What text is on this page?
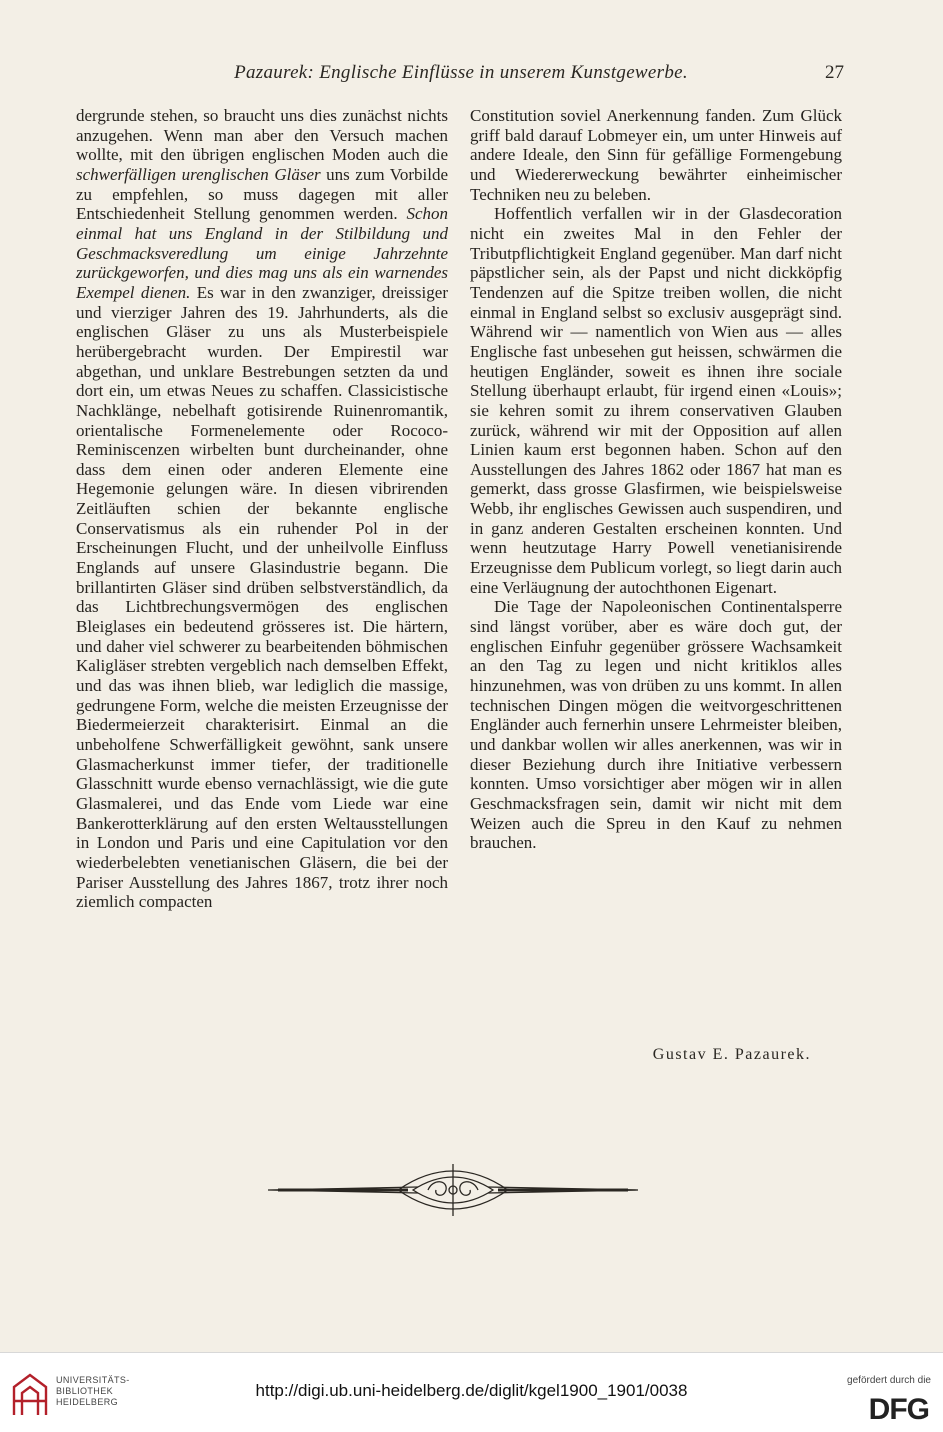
Pazaurek: Englische Einflüsse in unserem Kunstgewerbe.	27

dergrunde stehen, so braucht uns dies zunächst nichts anzugehen. Wenn man aber den Versuch machen wollte, mit den übrigen englischen Moden auch die schwerfälligen urenglischen Gläser uns zum Vorbilde zu empfehlen, so muss dagegen mit aller Entschiedenheit Stellung genommen werden. Schon einmal hat uns England in der Stilbildung und Geschmacksveredlung um einige Jahrzehnte zurückgeworfen, und dies mag uns als ein warnendes Exempel dienen. Es war in den zwanziger, dreissiger und vierziger Jahren des 19. Jahrhunderts, als die englischen Gläser zu uns als Musterbeispiele herübergebracht wurden. Der Empirestil war abgethan, und unklare Bestrebungen setzten da und dort ein, um etwas Neues zu schaffen. Classicistische Nachklänge, nebelhaft gotisirende Ruinenromantik, orientalische Formenelemente oder Rococo-Reminiscenzen wirbelten bunt durcheinander, ohne dass dem einen oder anderen Elemente eine Hegemonie gelungen wäre. In diesen vibrirenden Zeitläuften schien der bekannte englische Conservatismus als ein ruhender Pol in der Erscheinungen Flucht, und der unheilvolle Einfluss Englands auf unsere Glasindustrie begann. Die brillantirten Gläser sind drüben selbstverständlich, da das Lichtbrechungsvermögen des englischen Bleiglases ein bedeutend grösseres ist. Die härtern, und daher viel schwerer zu bearbeitenden böhmischen Kaligläser strebten vergeblich nach demselben Effekt, und das was ihnen blieb, war lediglich die massige, gedrungene Form, welche die meisten Erzeugnisse der Biedermeierzeit charakterisirt. Einmal an die unbeholfene Schwerfälligkeit gewöhnt, sank unsere Glasmacherkunst immer tiefer, der traditionelle Glasschnitt wurde ebenso vernachlässigt, wie die gute Glasmalerei, und das Ende vom Liede war eine Bankerotterklärung auf den ersten Weltausstellungen in London und Paris und eine Capitulation vor den wiederbelebten venetianischen Gläsern, die bei der Pariser Ausstellung des Jahres 1867, trotz ihrer noch ziemlich compacten

Constitution soviel Anerkennung fanden. Zum Glück griff bald darauf Lobmeyer ein, um unter Hinweis auf andere Ideale, den Sinn für gefällige Formengebung und Wiedererweckung bewährter einheimischer Techniken neu zu beleben.

Hoffentlich verfallen wir in der Glasdecoration nicht ein zweites Mal in den Fehler der Tributpflichtigkeit England gegenüber. Man darf nicht päpstlicher sein, als der Papst und nicht dickköpfig Tendenzen auf die Spitze treiben wollen, die nicht einmal in England selbst so exclusiv ausgeprägt sind. Während wir — namentlich von Wien aus — alles Englische fast unbesehen gut heissen, schwärmen die heutigen Engländer, soweit es ihnen ihre sociale Stellung überhaupt erlaubt, für irgend einen «Louis»; sie kehren somit zu ihrem conservativen Glauben zurück, während wir mit der Opposition auf allen Linien kaum erst begonnen haben. Schon auf den Ausstellungen des Jahres 1862 oder 1867 hat man es gemerkt, dass grosse Glasfirmen, wie beispielsweise Webb, ihr englisches Gewissen auch suspendiren, und in ganz anderen Gestalten erscheinen konnten. Und wenn heutzutage Harry Powell venetianisirende Erzeugnisse dem Publicum vorlegt, so liegt darin auch eine Verläugnung der autochthonen Eigenart.

Die Tage der Napoleonischen Continentalsperre sind längst vorüber, aber es wäre doch gut, der englischen Einfuhr gegenüber grössere Wachsamkeit an den Tag zu legen und nicht kritiklos alles hinzunehmen, was von drüben zu uns kommt. In allen technischen Dingen mögen die weitvorgeschrittenen Engländer auch fernerhin unsere Lehrmeister bleiben, und dankbar wollen wir alles anerkennen, was wir in dieser Beziehung durch ihre Initiative verbessern konnten. Umso vorsichtiger aber mögen wir in allen Geschmacksfragen sein, damit wir nicht mit dem Weizen auch die Spreu in den Kauf zu nehmen brauchen.

Gustav E. Pazaurek.
UNIVERSITÄTS-
BIBLIOTHEK
HEIDELBERG
http://digi.ub.uni-heidelberg.de/diglit/kgel1900_1901/0038
gefördert durch die
DFG
